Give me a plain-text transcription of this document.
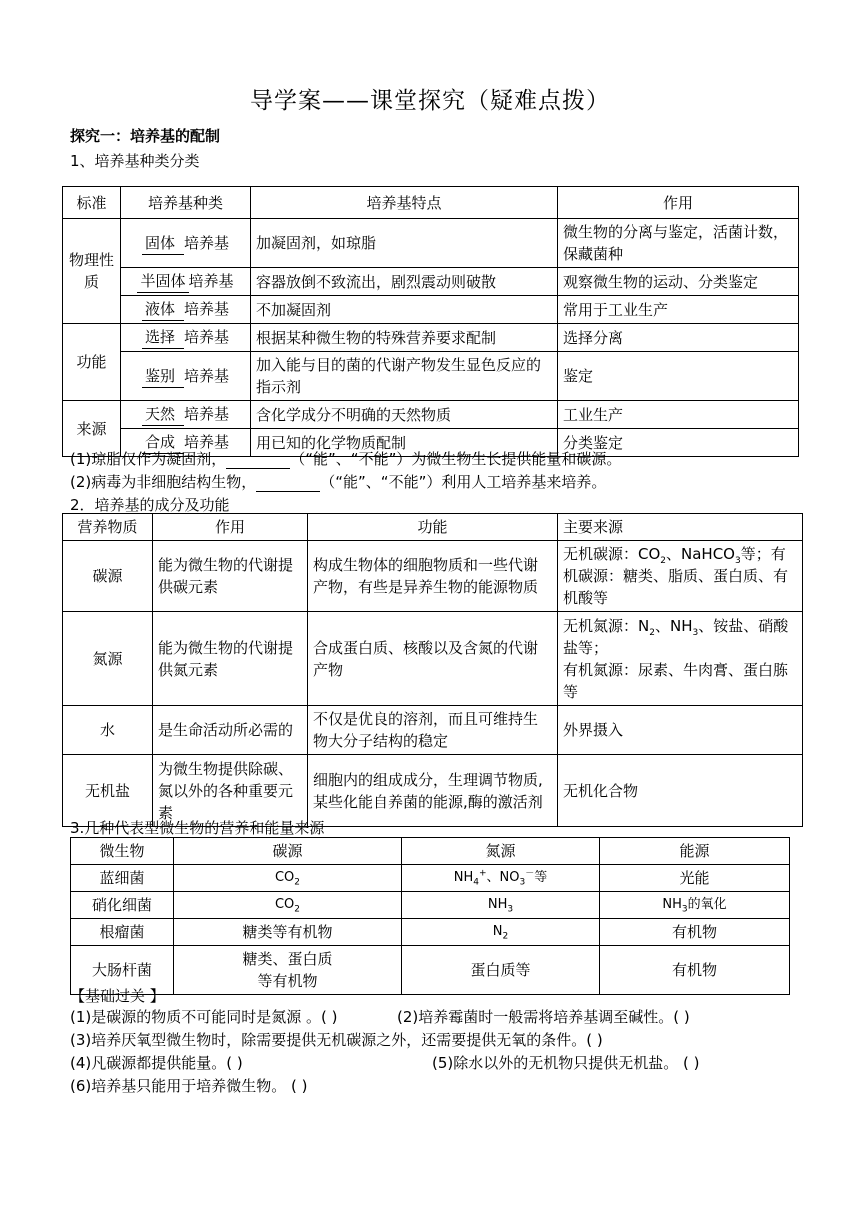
导学案——课堂探究（疑难点拨）
探究一：培养基的配制
1、培养基种类分类
标准	培养基种类	培养基特点	作用
物理性质	固体 培养基	加凝固剂，如琼脂	微生物的分离与鉴定，活菌计数，保藏菌种
	半固体 培养基	容器放倒不致流出，剧烈震动则破散	观察微生物的运动、分类鉴定
	液体 培养基	不加凝固剂	常用于工业生产
功能	选择 培养基	根据某种微生物的特殊营养要求配制	选择分离
	鉴别 培养基	加入能与目的菌的代谢产物发生显色反应的指示剂	鉴定
来源	天然 培养基	含化学成分不明确的天然物质	工业生产
	合成 培养基	用已知的化学物质配制	分类鉴定
(1)琼脂仅作为凝固剂，	（“能”、“不能”）为微生物生长提供能量和碳源。
(2)病毒为非细胞结构生物，	（“能”、“不能”）利用人工培养基来培养。
2．培养基的成分及功能
营养物质	作用	功能	主要来源
碳源	能为微生物的代谢提供碳元素	构成生物体的细胞物质和一些代谢产物，有些是异养生物的能源物质	无机碳源：$CO_2$、NaHCO$_3$等；有机碳源：糖类、脂质、蛋白质、有机酸等
氮源	能为微生物的代谢提供氮元素	合成蛋白质、核酸以及含氮的代谢产物	无机氮源：$N_2$、$NH_3$、铵盐、硝酸盐等；
有机氮源：尿素、牛肉膏、蛋白胨等
水	是生命活动所必需的	不仅是优良的溶剂，而且可维持生物大分子结构的稳定	外界摄入
无机盐	为微生物提供除碳、氮以外的各种重要元素	细胞内的组成成分，生理调节物质,某些化能自养菌的能源,酶的激活剂	无机化合物
3.几种代表型微生物的营养和能量来源
微生物	碳源	氮源	能源
蓝细菌	$CO_2$	$NH_4^+$、$NO_3^-$等	光能
硝化细菌	$CO_2$	$NH_3$	$NH_3$的氧化
根瘤菌	糖类等有机物	$N_2$	有机物
大肠杆菌	糖类、蛋白质
等有机物	蛋白质等	有机物
【基础过关 】
(1)是碳源的物质不可能同时是氮源 。( )	(2)培养霉菌时一般需将培养基调至碱性。( )
(3)培养厌氧型微生物时，除需要提供无机碳源之外，还需要提供无氧的条件。( )
(4)凡碳源都提供能量。( )	(5)除水以外的无机物只提供无机盐。 ( )
(6)培养基只能用于培养微生物。 ( )
